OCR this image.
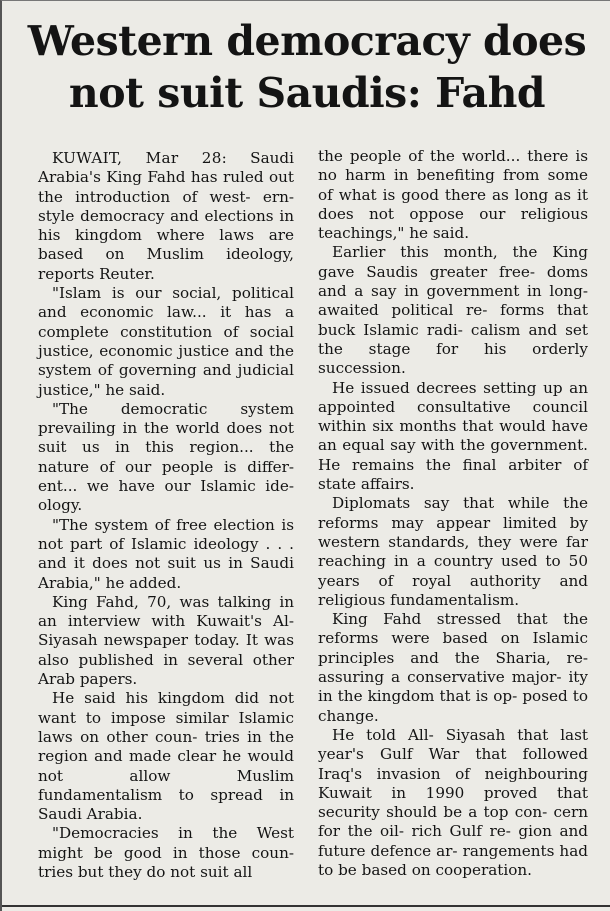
Western democracy does
not suit Saudis: Fahd

KUWAIT, Mar 28: Saudi Arabia's King Fahd has ruled out the introduction of west- ern- style democracy and elections in his kingdom where laws are based on Muslim ideology, reports Reuter.

"Islam is our social, political and economic law... it has a complete constitution of social justice, economic justice and the system of governing and judicial justice," he said.

"The democratic system prevailing in the world does not suit us in this region... the nature of our people is differ- ent... we have our Islamic ide- ology.

"The system of free election is not part of Islamic ideology . . . and it does not suit us in Saudi Arabia," he added.

King Fahd, 70, was talking in an interview with Kuwait's Al-Siyasah newspaper today. It was also published in several other Arab papers.

He said his kingdom did not want to impose similar Islamic laws on other coun- tries in the region and made clear he would not allow Muslim fundamentalism to spread in Saudi Arabia.

"Democracies in the West might be good in those coun- tries but they do not suit all

the people of the world... there is no harm in benefiting from some of what is good there as long as it does not oppose our religious teachings," he said.

Earlier this month, the King gave Saudis greater free- doms and a say in government in long- awaited political re- forms that buck Islamic radi- calism and set the stage for his orderly succession.

He issued decrees setting up an appointed consultative council within six months that would have an equal say with the government. He remains the final arbiter of state affairs.

Diplomats say that while the reforms may appear limited by western standards, they were far reaching in a country used to 50 years of royal authority and religious fundamentalism.

King Fahd stressed that the reforms were based on Islamic principles and the Sharia, re- assuring a conservative major- ity in the kingdom that is op- posed to change.

He told All- Siyasah that last year's Gulf War that followed Iraq's invasion of neighbouring Kuwait in 1990 proved that security should be a top con- cern for the oil- rich Gulf re- gion and future defence ar- rangements had to be based on cooperation.
